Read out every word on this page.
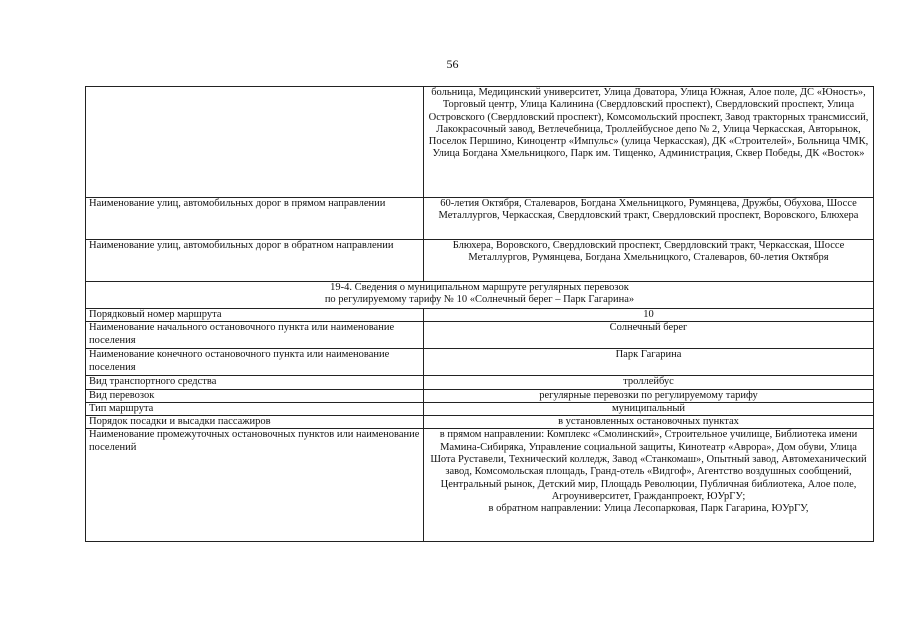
56
	больница, Медицинский университет, Улица Доватора, Улица Южная, Алое поле, ДС «Юность», Торговый центр, Улица Калинина (Свердловский проспект), Свердловский проспект, Улица Островского (Свердловский проспект), Комсомольский проспект, Завод тракторных трансмиссий, Лакокрасочный завод, Ветлечебница, Троллейбусное депо № 2, Улица Черкасская, Авторынок, Поселок Першино, Киноцентр «Импульс» (улица Черкасская), ДК «Строителей», Больница ЧМК, Улица Богдана Хмельницкого, Парк им. Тищенко, Администрация, Сквер Победы, ДК «Восток»
Наименование улиц, автомобильных дорог в прямом направлении	60-летия Октября, Сталеваров, Богдана Хмельницкого, Румянцева, Дружбы, Обухова, Шоссе Металлургов, Черкасская, Свердловский тракт, Свердловский проспект, Воровского, Блюхера
Наименование улиц, автомобильных дорог в обратном направлении	Блюхера, Воровского, Свердловский проспект, Свердловский тракт, Черкасская, Шоссе Металлургов, Румянцева, Богдана Хмельницкого, Сталеваров, 60-летия Октября
19-4. Сведения о муниципальном маршруте регулярных перевозок
по регулируемому тарифу № 10 «Солнечный берег – Парк Гагарина»	
Порядковый номер маршрута	10
Наименование начального остановочного пункта или наименование поселения	Солнечный берег
Наименование конечного остановочного пункта или наименование поселения	Парк Гагарина
Вид транспортного средства	троллейбус
Вид перевозок	регулярные перевозки по регулируемому тарифу
Тип маршрута	муниципальный
Порядок посадки и высадки пассажиров	в установленных остановочных пунктах
Наименование промежуточных остановочных пунктов или наименование поселений	в прямом направлении: Комплекс «Смолинский», Строительное училище, Библиотека имени Мамина-Сибиряка, Управление социальной защиты, Кинотеатр «Аврора», Дом обуви, Улица Шота Руставели, Технический колледж, Завод «Станкомаш», Опытный завод, Автомеханический завод, Комсомольская площадь, Гранд-отель «Видгоф», Агентство воздушных сообщений, Центральный рынок, Детский мир, Площадь Революции, Публичная библиотека, Алое поле, Агроуниверситет, Гражданпроект, ЮУрГУ;
в обратном направлении: Улица Лесопарковая, Парк Гагарина, ЮУрГУ,
